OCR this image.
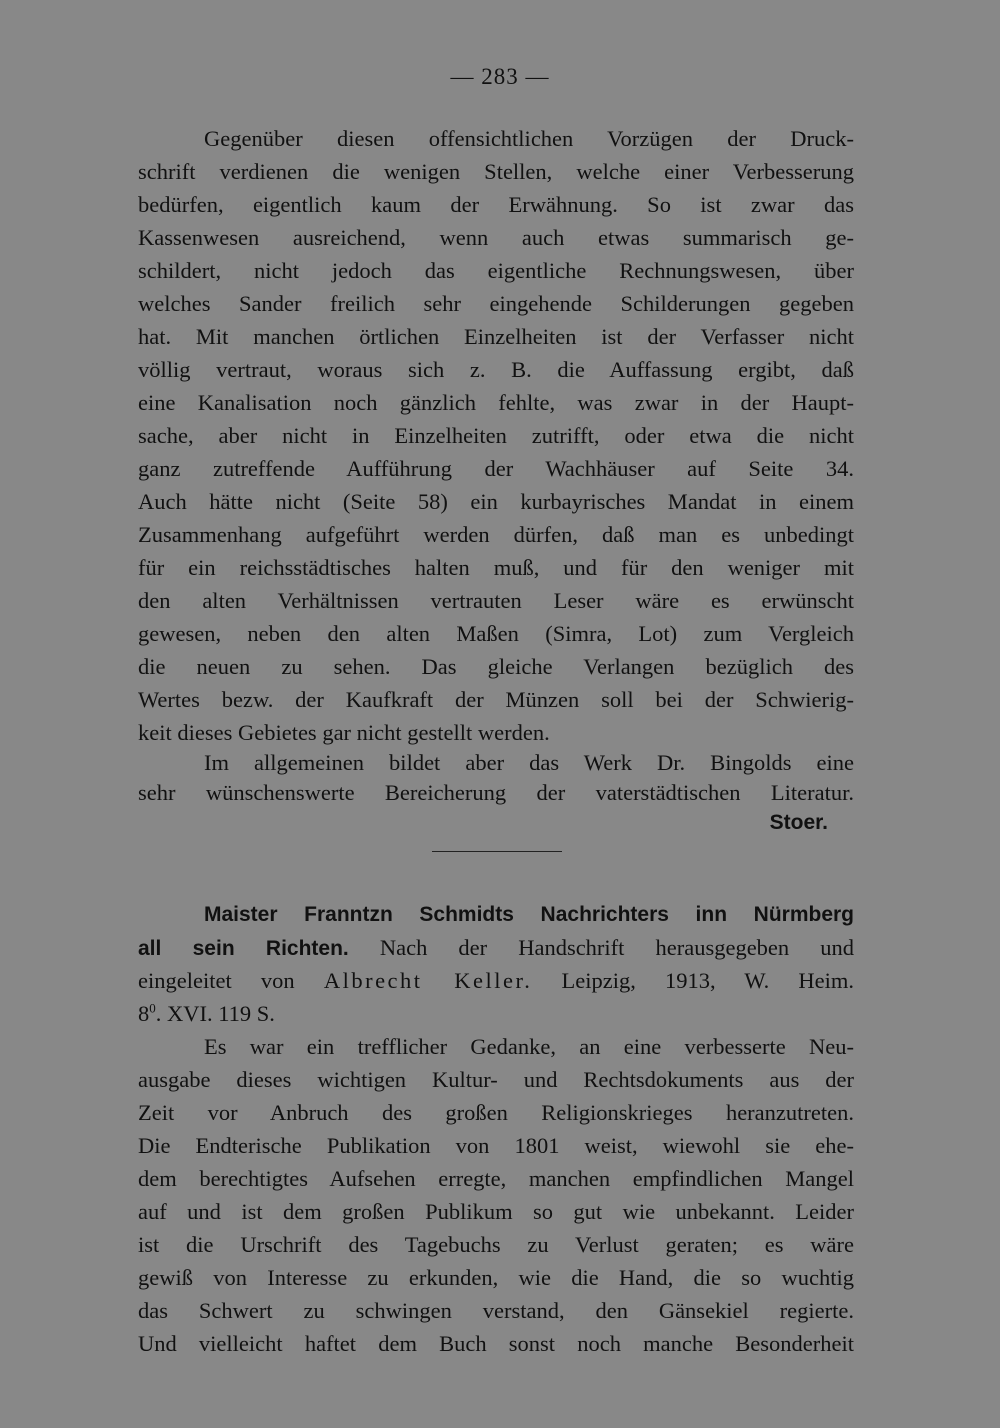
— 283 —
Gegenüber diesen offensichtlichen Vorzügen der Druck-
schrift verdienen die wenigen Stellen, welche einer Verbesserung
bedürfen, eigentlich kaum der Erwähnung. So ist zwar das
Kassenwesen ausreichend, wenn auch etwas summarisch ge-
schildert, nicht jedoch das eigentliche Rechnungswesen, über
welches Sander freilich sehr eingehende Schilderungen gegeben
hat. Mit manchen örtlichen Einzelheiten ist der Verfasser nicht
völlig vertraut, woraus sich z. B. die Auffassung ergibt, daß
eine Kanalisation noch gänzlich fehlte, was zwar in der Haupt-
sache, aber nicht in Einzelheiten zutrifft, oder etwa die nicht
ganz zutreffende Aufführung der Wachhäuser auf Seite 34.
Auch hätte nicht (Seite 58) ein kurbayrisches Mandat in einem
Zusammenhang aufgeführt werden dürfen, daß man es unbedingt
für ein reichsstädtisches halten muß, und für den weniger mit
den alten Verhältnissen vertrauten Leser wäre es erwünscht
gewesen, neben den alten Maßen (Simra, Lot) zum Vergleich
die neuen zu sehen. Das gleiche Verlangen bezüglich des
Wertes bezw. der Kaufkraft der Münzen soll bei der Schwierig-
keit dieses Gebietes gar nicht gestellt werden.
Im allgemeinen bildet aber das Werk Dr. Bingolds eine
sehr wünschenswerte Bereicherung der vaterstädtischen Literatur.
Stoer.
Maister Franntzn Schmidts Nachrichters inn Nürmberg
all sein Richten. Nach der Handschrift herausgegeben und
eingeleitet von Albrecht Keller. Leipzig, 1913, W. Heim.
$8^0$. XVI. 119 S.
Es war ein trefflicher Gedanke, an eine verbesserte Neu-
ausgabe dieses wichtigen Kultur- und Rechtsdokuments aus der
Zeit vor Anbruch des großen Religionskrieges heranzutreten.
Die Endterische Publikation von 1801 weist, wiewohl sie ehe-
dem berechtigtes Aufsehen erregte, manchen empfindlichen Mangel
auf und ist dem großen Publikum so gut wie unbekannt. Leider
ist die Urschrift des Tagebuchs zu Verlust geraten; es wäre
gewiß von Interesse zu erkunden, wie die Hand, die so wuchtig
das Schwert zu schwingen verstand, den Gänsekiel regierte.
Und vielleicht haftet dem Buch sonst noch manche Besonderheit
